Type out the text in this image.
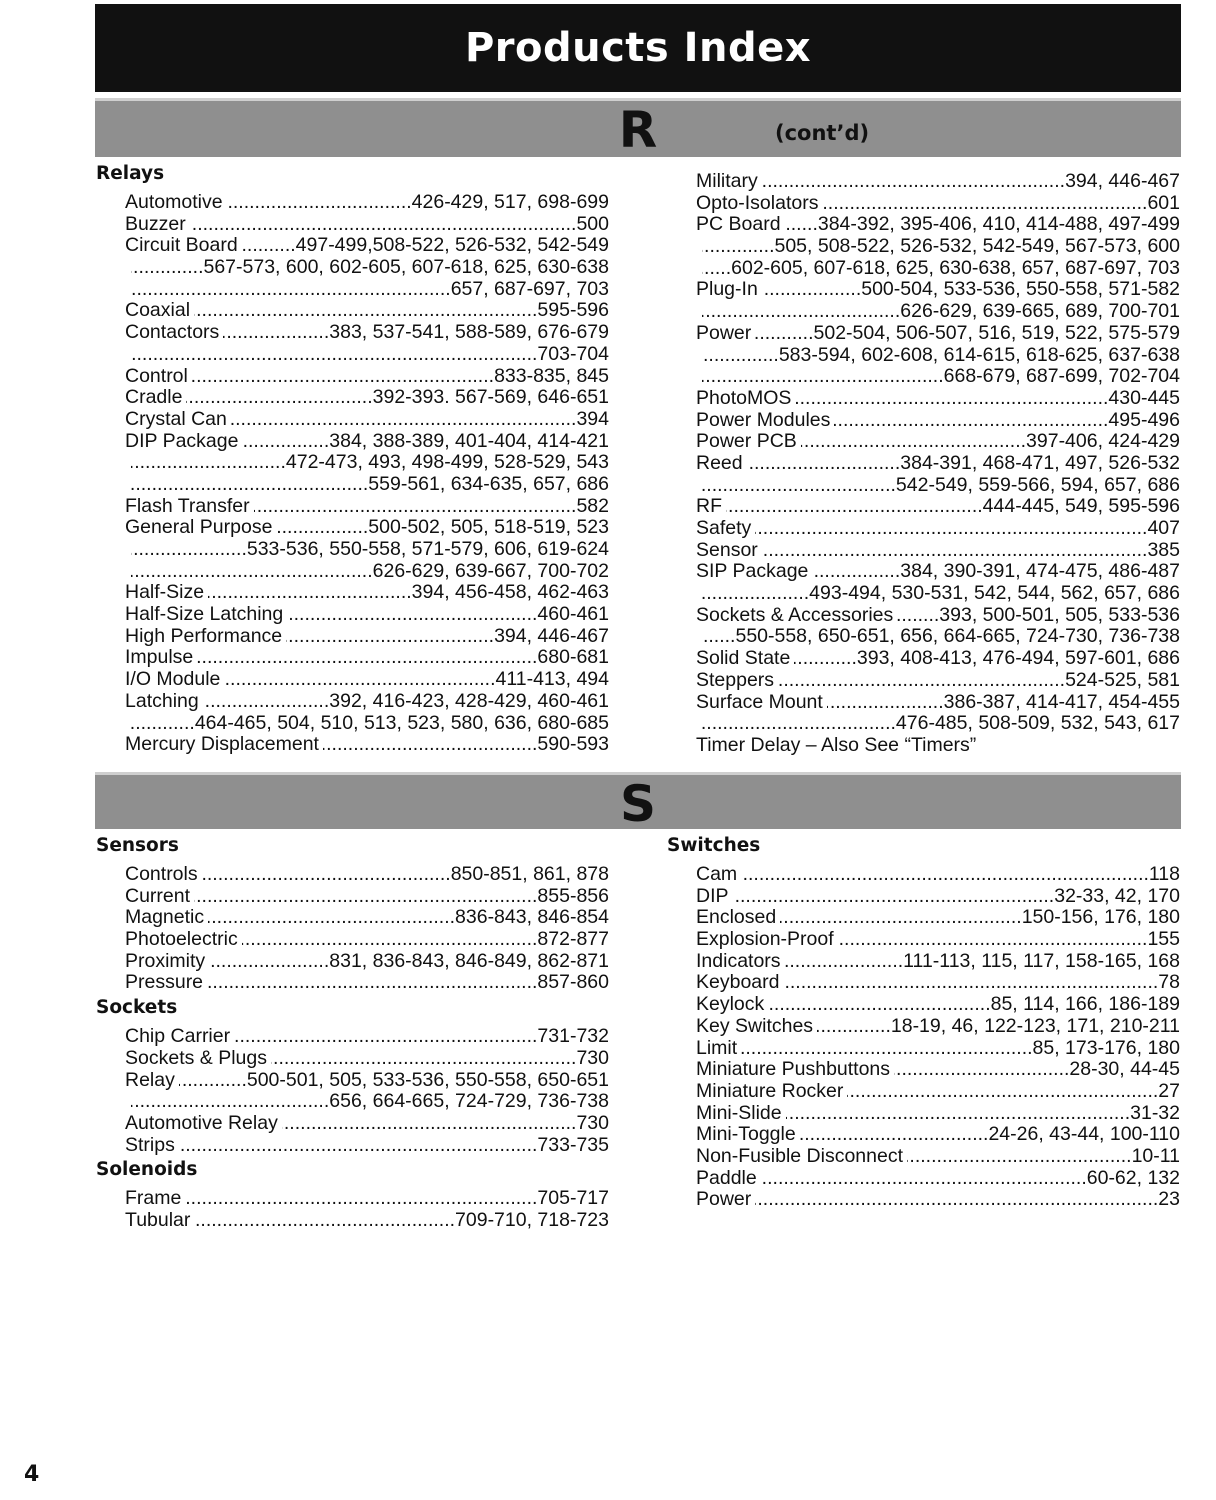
Products Index
R	(cont’d)
Relays
Automotive .....	426-429, 517, 698-699
Buzzer .....	500
Circuit Board .....	497-499,508-522, 526-532, 542-549
.....
567-573, 600, 602-605, 607-618, 625, 630-638
.....
657, 687-697, 703
Coaxial .....	595-596
Contactors .....	383, 537-541, 588-589, 676-679
.....
703-704
Control .....	833-835, 845
Cradle .....	392-393. 567-569, 646-651
Crystal Can .....	394
DIP Package .....	384, 388-389, 401-404, 414-421
.....
472-473, 493, 498-499, 528-529, 543
.....
559-561, 634-635, 657, 686
Flash Transfer .....	582
General Purpose .....	500-502, 505, 518-519, 523
.....
533-536, 550-558, 571-579, 606, 619-624
.....
626-629, 639-667, 700-702
Half-Size .....	394, 456-458, 462-463
Half-Size Latching .....	460-461
High Performance .....	394, 446-467
Impulse .....	680-681
I/O Module .....	411-413, 494
Latching .....	392, 416-423, 428-429, 460-461
.....
464-465, 504, 510, 513, 523, 580, 636, 680-685
Mercury Displacement .....	590-593
Military .....	394, 446-467
Opto-Isolators .....	601
PC Board ..... 384-392, 395-406, 410, 414-488, 497-499
.....
505, 508-522, 526-532, 542-549, 567-573, 600
.....
602-605, 607-618, 625, 630-638, 657, 687-697, 703
Plug-In .....	500-504, 533-536, 550-558, 571-582
.....
626-629, 639-665, 689, 700-701
Power .....	502-504, 506-507, 516, 519, 522, 575-579
.....
583-594, 602-608, 614-615, 618-625, 637-638
.....
668-679, 687-699, 702-704
PhotoMOS .....	430-445
Power Modules .....	495-496
Power PCB .....	397-406, 424-429
Reed .....	384-391, 468-471, 497, 526-532
.....
542-549, 559-566, 594, 657, 686
RF .....	444-445, 549, 595-596
Safety .....	407
Sensor .....	385
SIP Package .....	384, 390-391, 474-475, 486-487
.....
493-494, 530-531, 542, 544, 562, 657, 686
Sockets & Accessories ..... 393, 500-501, 505, 533-536
.....
550-558, 650-651, 656, 664-665, 724-730, 736-738
Solid State .....	393, 408-413, 476-494, 597-601, 686
Steppers .....	524-525, 581
Surface Mount .....	386-387, 414-417, 454-455
.....
476-485, 508-509, 532, 543, 617
Timer Delay – Also See “Timers”
S
Sensors
Controls .....	850-851, 861, 878
Current .....	855-856
Magnetic .....	836-843, 846-854
Photoelectric .....	872-877
Proximity .....	831, 836-843, 846-849, 862-871
Pressure .....	857-860
Sockets
Chip Carrier .....	731-732
Sockets & Plugs .....	730
Relay .....	500-501, 505, 533-536, 550-558, 650-651
.....
656, 664-665, 724-729, 736-738
Automotive Relay .....	730
Strips .....	733-735
Solenoids
Frame .....	705-717
Tubular .....	709-710, 718-723
Switches
Cam .....	118
DIP .....	32-33, 42, 170
Enclosed .....	150-156, 176, 180
Explosion-Proof .....	155
Indicators .....	111-113, 115, 117, 158-165, 168
Keyboard .....	78
Keylock .....	85, 114, 166, 186-189
Key Switches .....	18-19, 46, 122-123, 171, 210-211
Limit .....	85, 173-176, 180
Miniature Pushbuttons .....	28-30, 44-45
Miniature Rocker .....	27
Mini-Slide .....	31-32
Mini-Toggle .....	24-26, 43-44, 100-110
Non-Fusible Disconnect .....	10-11
Paddle .....	60-62, 132
Power .....	23
4
